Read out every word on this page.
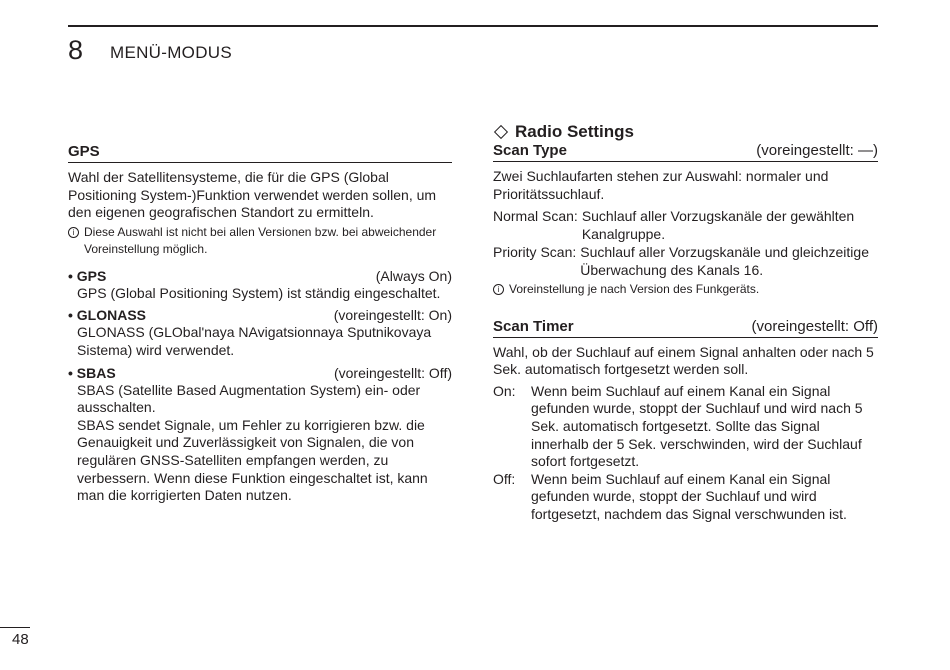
8 MENÜ-MODUS
GPS

Wahl der Satellitensysteme, die für die GPS (Global Positioning System-)Funktion verwendet werden sollen, um den eigenen geografischen Standort zu ermitteln.

i Diese Auswahl ist nicht bei allen Versionen bzw. bei abweichender Voreinstellung möglich.
• GPS	(Always On)

GPS (Global Positioning System) ist ständig eingeschaltet.

• GLONASS	(voreingestellt: On)

GLONASS (GLObal'naya NAvigatsionnaya Sputnikovaya Sistema) wird verwendet.

• SBAS	(voreingestellt: Off)

SBAS (Satellite Based Augmentation System) ein- oder ausschalten.

SBAS sendet Signale, um Fehler zu korrigieren bzw. die Genauigkeit und Zuverlässigkeit von Signalen, die von regulären GNSS-Satelliten empfangen werden, zu verbessern. Wenn diese Funktion eingeschaltet ist, kann man die korrigierten Daten nutzen.

Radio Settings
Scan Type	(voreingestellt: —)

Zwei Suchlaufarten stehen zur Auswahl: normaler und Prioritätssuchlauf.

Normal Scan: Suchlauf aller Vorzugskanäle der gewählten Kanalgruppe.
Priority Scan: Suchlauf aller Vorzugskanäle und gleichzeitige Überwachung des Kanals 16.
i Voreinstellung je nach Version des Funkgeräts.
Scan Timer	(voreingestellt: Off)

Wahl, ob der Suchlauf auf einem Signal anhalten oder nach 5 Sek. automatisch fortgesetzt werden soll.

On:	Wenn beim Suchlauf auf einem Kanal ein Signal gefunden wurde, stoppt der Suchlauf und wird nach 5 Sek. automatisch fortgesetzt. Sollte das Signal innerhalb der 5 Sek. verschwinden, wird der Suchlauf sofort fortgesetzt.
Off:	Wenn beim Suchlauf auf einem Kanal ein Signal gefunden wurde, stoppt der Suchlauf und wird fortgesetzt, nachdem das Signal verschwunden ist.
48
